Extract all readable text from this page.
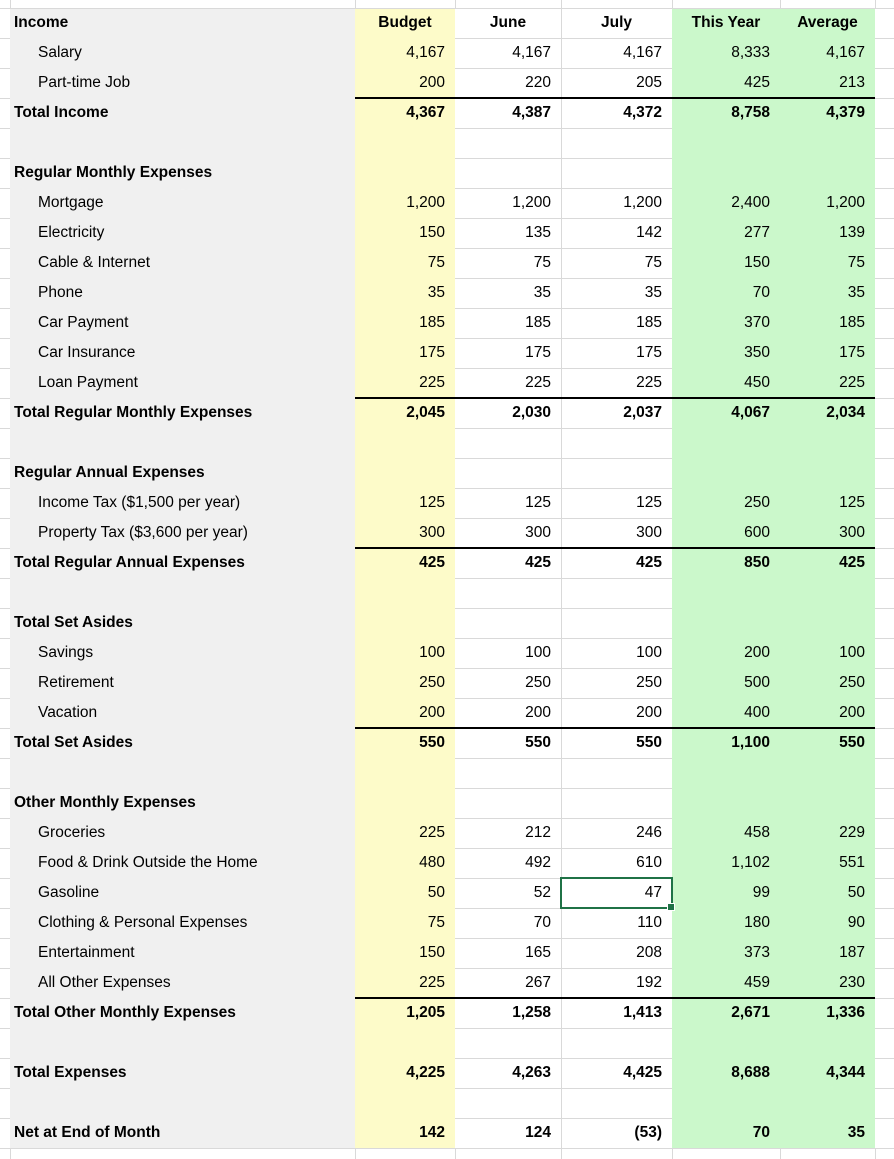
Income	Budget	June	July	This Year	Average
Salary	4,167	4,167	4,167	8,333	4,167
Part-time Job	200	220	205	425	213
Total Income	4,367	4,387	4,372	8,758	4,379
Regular Monthly Expenses
Mortgage	1,200	1,200	1,200	2,400	1,200
Electricity	150	135	142	277	139
Cable & Internet	75	75	75	150	75
Phone	35	35	35	70	35
Car Payment	185	185	185	370	185
Car Insurance	175	175	175	350	175
Loan Payment	225	225	225	450	225
Total Regular Monthly Expenses	2,045	2,030	2,037	4,067	2,034
Regular Annual Expenses
Income Tax ($1,500 per year)	125	125	125	250	125
Property Tax ($3,600 per year)	300	300	300	600	300
Total Regular Annual Expenses	425	425	425	850	425
Total Set Asides
Savings	100	100	100	200	100
Retirement	250	250	250	500	250
Vacation	200	200	200	400	200
Total Set Asides	550	550	550	1,100	550
Other Monthly Expenses
Groceries	225	212	246	458	229
Food & Drink Outside the Home	480	492	610	1,102	551
Gasoline	50	52	47	99	50
Clothing & Personal Expenses	75	70	110	180	90
Entertainment	150	165	208	373	187
All Other Expenses	225	267	192	459	230
Total Other Monthly Expenses	1,205	1,258	1,413	2,671	1,336
Total Expenses	4,225	4,263	4,425	8,688	4,344
Net at End of Month	142	124	(53)	70	35
